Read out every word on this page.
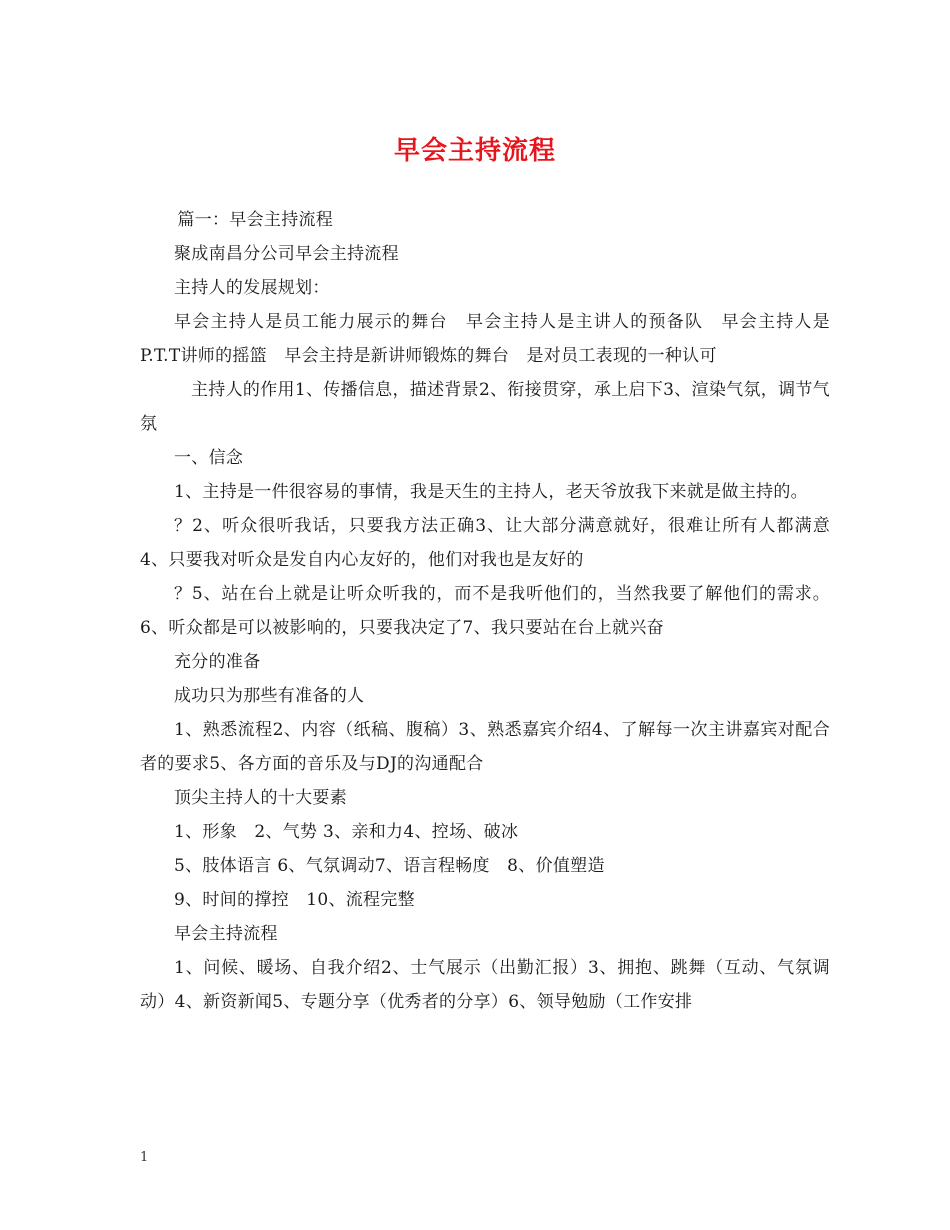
早会主持流程

篇一：早会主持流程

聚成南昌分公司早会主持流程

主持人的发展规划：

早会主持人是员工能力展示的舞台　早会主持人是主讲人的预备队　早会主持人是P.T.T讲师的摇篮　早会主持是新讲师锻炼的舞台　是对员工表现的一种认可

主持人的作用1、传播信息，描述背景2、衔接贯穿，承上启下3、渲染气氛，调节气氛

一、信念

1、主持是一件很容易的事情，我是天生的主持人，老天爷放我下来就是做主持的。

？2、听众很听我话，只要我方法正确3、让大部分满意就好，很难让所有人都满意4、只要我对听众是发自内心友好的，他们对我也是友好的

？5、站在台上就是让听众听我的，而不是我听他们的，当然我要了解他们的需求。 6、听众都是可以被影响的，只要我决定了7、我只要站在台上就兴奋

充分的准备

成功只为那些有准备的人

1、熟悉流程2、内容（纸稿、腹稿）3、熟悉嘉宾介绍4、了解每一次主讲嘉宾对配合者的要求5、各方面的音乐及与DJ的沟通配合

顶尖主持人的十大要素

1、形象　2、气势 3、亲和力4、控场、破冰

5、肢体语言 6、气氛调动7、语言程畅度　8、价值塑造

9、时间的撑控　10、流程完整

早会主持流程

1、问候、暖场、自我介绍2、士气展示（出勤汇报）3、拥抱、跳舞（互动、气氛调动）4、新资新闻5、专题分享（优秀者的分享）6、领导勉励（工作安排

1
